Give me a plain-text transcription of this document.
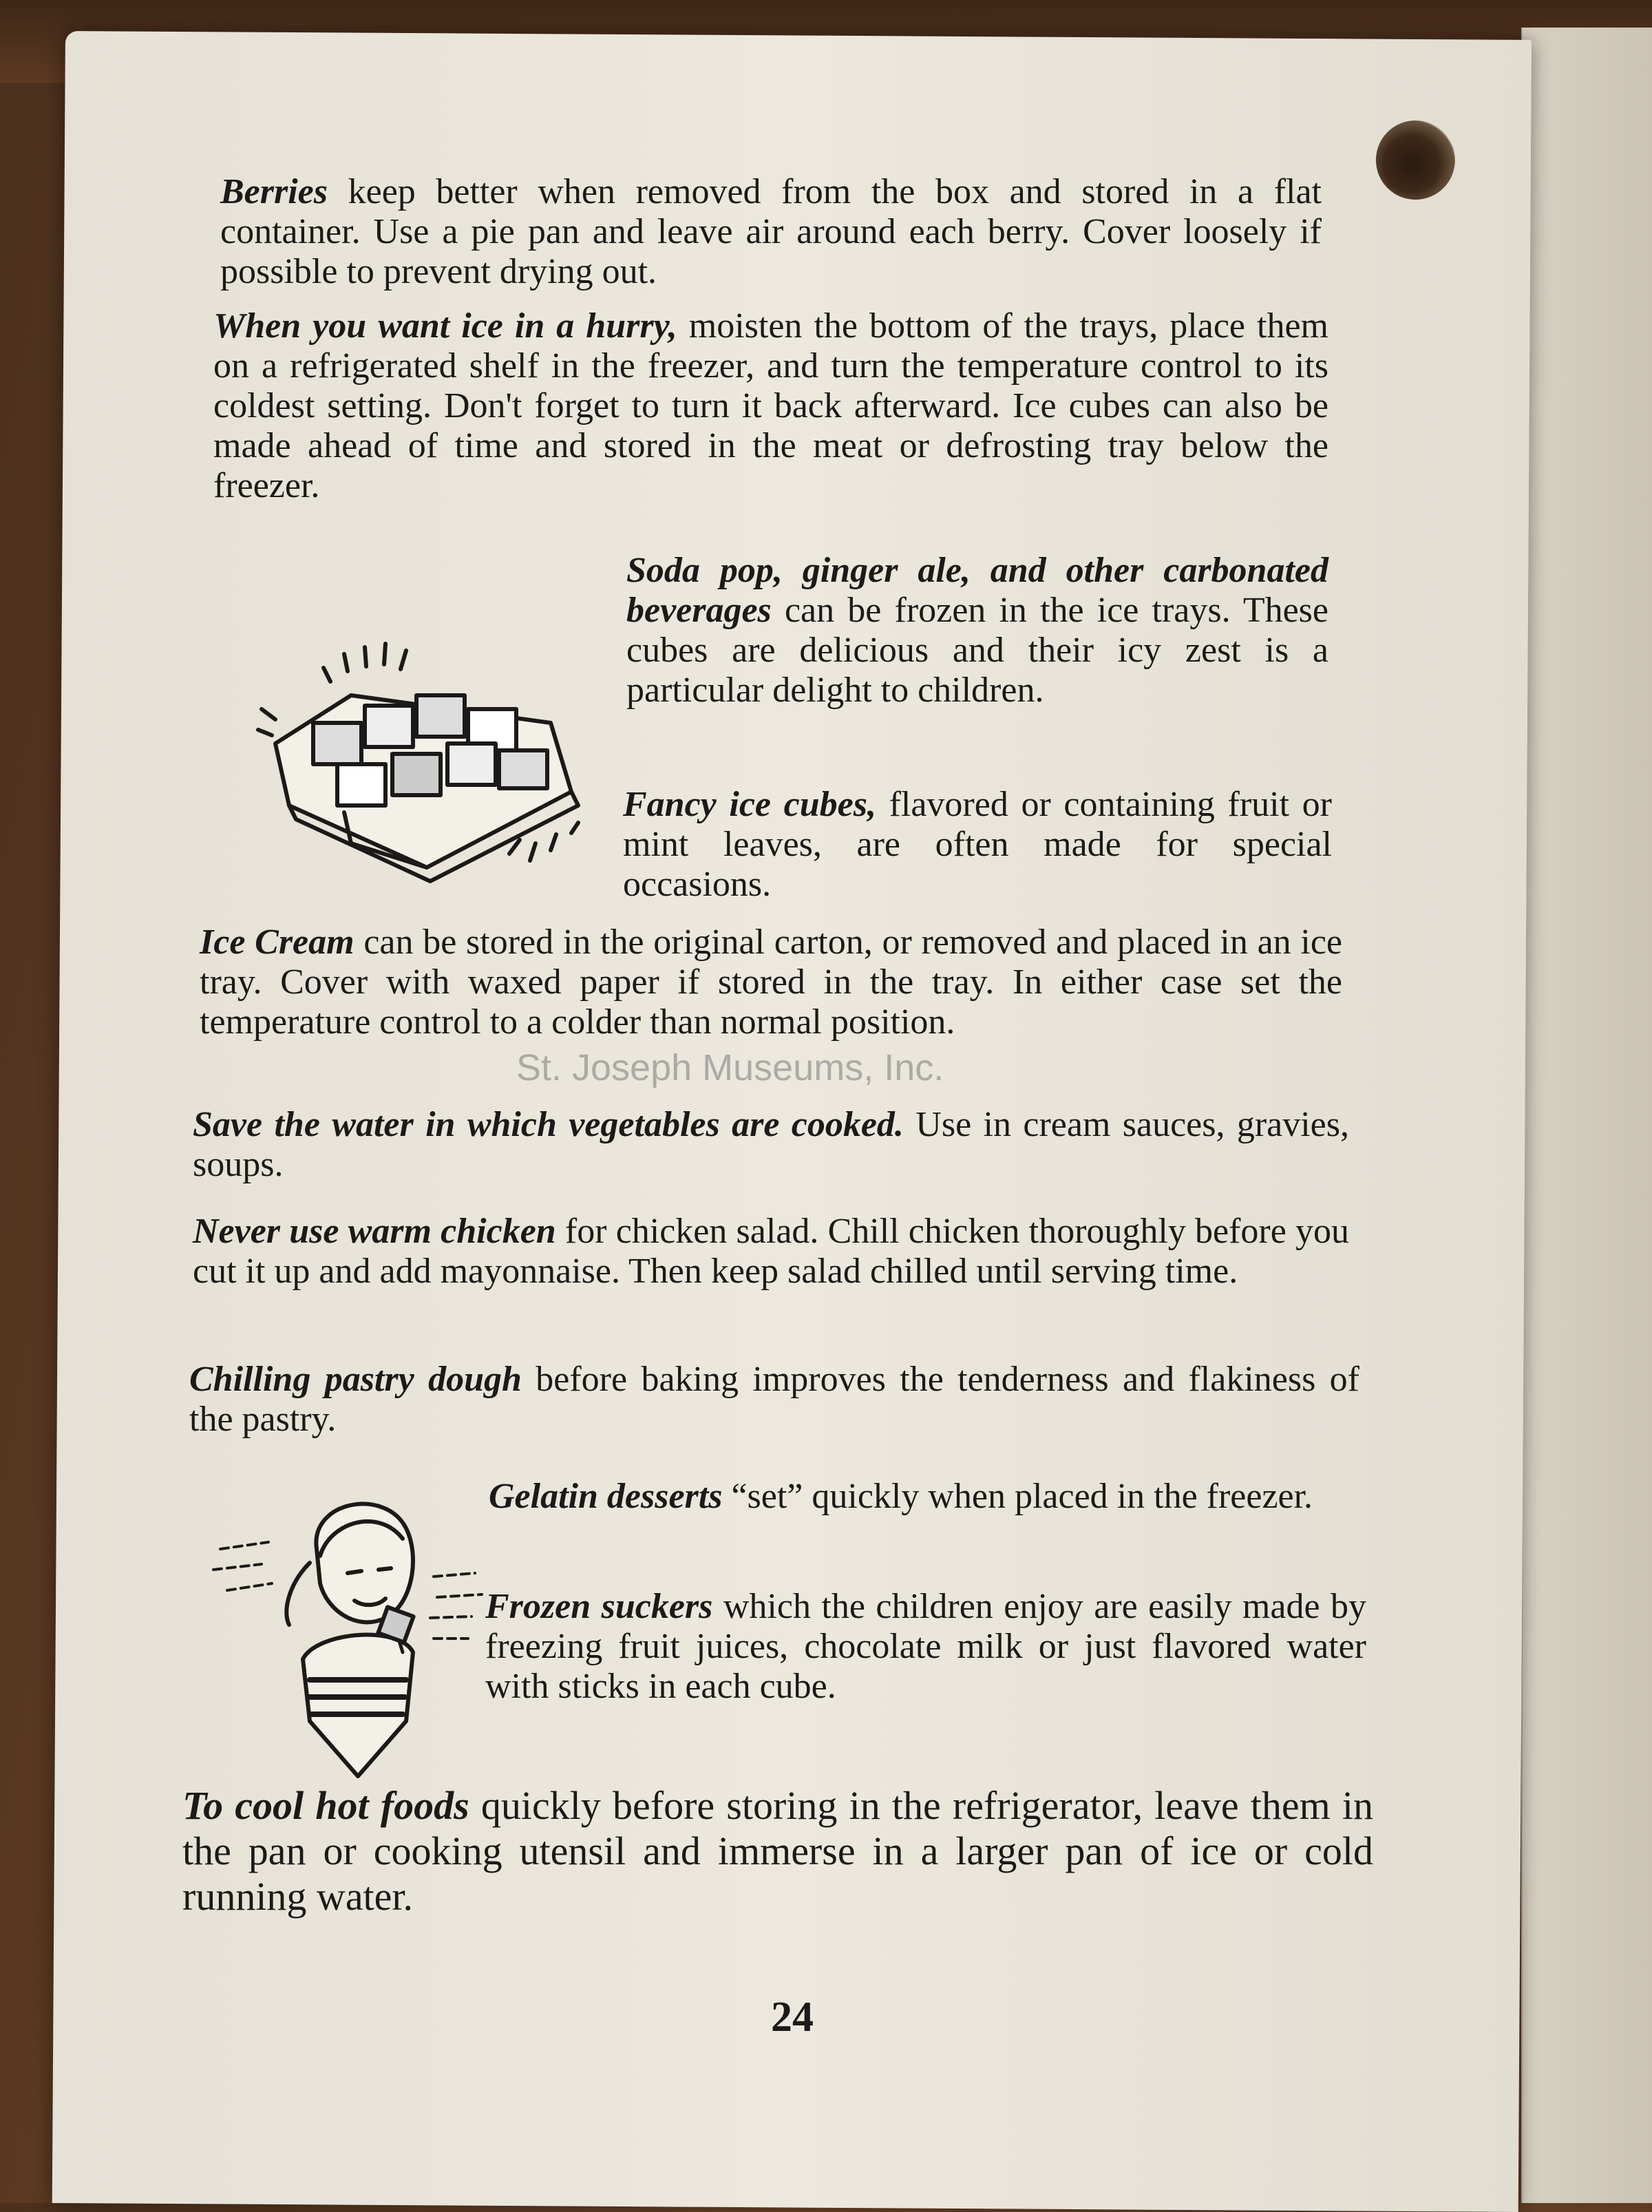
Berries keep better when removed from the box and stored in a flat container. Use a pie pan and leave air around each berry. Cover loosely if possible to prevent drying out.
When you want ice in a hurry, moisten the bottom of the trays, place them on a refrigerated shelf in the freezer, and turn the temperature control to its coldest setting. Don't forget to turn it back afterward. Ice cubes can also be made ahead of time and stored in the meat or defrosting tray below the freezer.
Soda pop, ginger ale, and other carbonated beverages can be frozen in the ice trays. These cubes are delicious and their icy zest is a particular delight to children.
Fancy ice cubes, flavored or containing fruit or mint leaves, are often made for special occasions.
Ice Cream can be stored in the original carton, or removed and placed in an ice tray. Cover with waxed paper if stored in the tray. In either case set the temperature control to a colder than normal position.
St. Joseph Museums, Inc.
Save the water in which vegetables are cooked. Use in cream sauces, gravies, soups.
Never use warm chicken for chicken salad. Chill chicken thoroughly before you cut it up and add mayonnaise. Then keep salad chilled until serving time.
Chilling pastry dough before baking improves the tenderness and flakiness of the pastry.
Gelatin desserts “set” quickly when placed in the freezer.
Frozen suckers which the children enjoy are easily made by freezing fruit juices, chocolate milk or just flavored water with sticks in each cube.
To cool hot foods quickly before storing in the refrigerator, leave them in the pan or cooking utensil and immerse in a larger pan of ice or cold running water.
24
